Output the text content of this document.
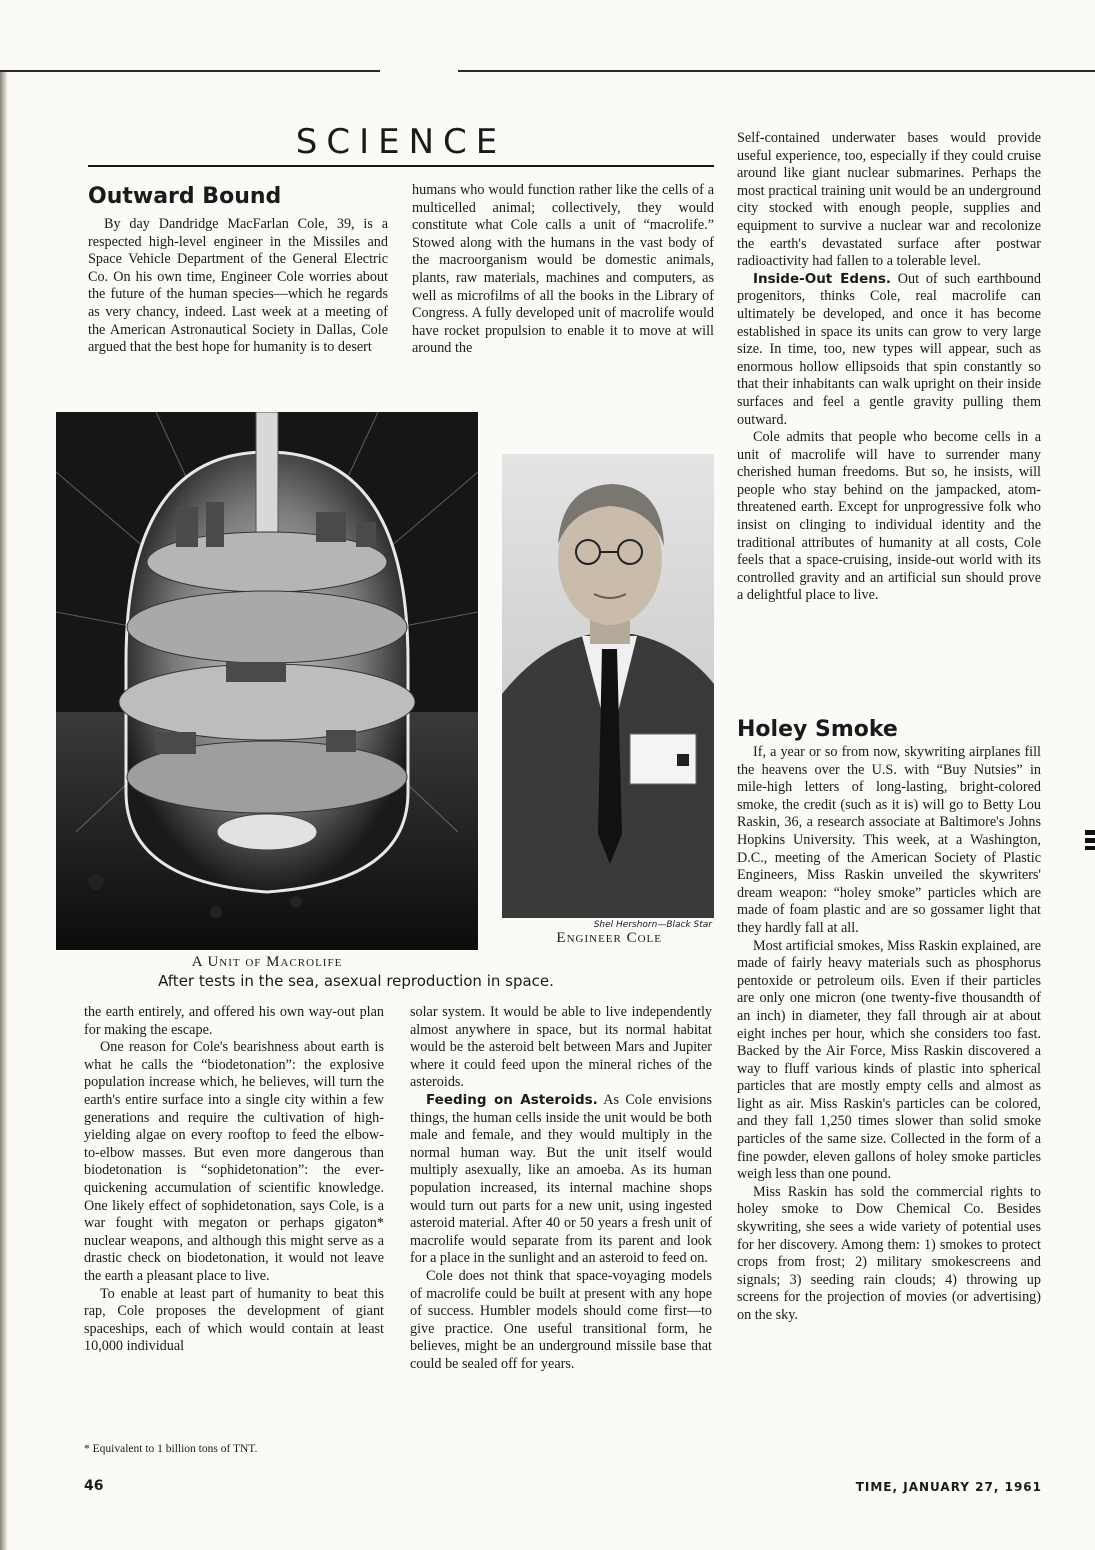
SCIENCE
Outward Bound

By day Dandridge MacFarlan Cole, 39, is a respected high-level engineer in the Missiles and Space Vehicle Department of the General Electric Co. On his own time, Engineer Cole worries about the future of the human species—which he regards as very chancy, indeed. Last week at a meeting of the American Astronautical Society in Dallas, Cole argued that the best hope for humanity is to desert

humans who would function rather like the cells of a multicelled animal; collectively, they would constitute what Cole calls a unit of “macrolife.” Stowed along with the humans in the vast body of the macroorganism would be domestic animals, plants, raw materials, machines and computers, as well as microfilms of all the books in the Library of Congress. A fully developed unit of macrolife would have rocket propulsion to enable it to move at will around the

Shel Hershorn—Black Star
Engineer Cole
A Unit of Macrolife
After tests in the sea, asexual reproduction in space.

the earth entirely, and offered his own way-out plan for making the escape.

One reason for Cole's bearishness about earth is what he calls the “biodetonation”: the explosive population increase which, he believes, will turn the earth's entire surface into a single city within a few generations and require the cultivation of high-yielding algae on every rooftop to feed the elbow-to-elbow masses. But even more dangerous than biodetonation is “sophidetonation”: the ever-quickening accumulation of scientific knowledge. One likely effect of sophidetonation, says Cole, is a war fought with megaton or perhaps gigaton* nuclear weapons, and although this might serve as a drastic check on biodetonation, it would not leave the earth a pleasant place to live.

To enable at least part of humanity to beat this rap, Cole proposes the development of giant spaceships, each of which would contain at least 10,000 individual

* Equivalent to 1 billion tons of TNT.

solar system. It would be able to live independently almost anywhere in space, but its normal habitat would be the asteroid belt between Mars and Jupiter where it could feed upon the mineral riches of the asteroids.

Feeding on Asteroids. As Cole envisions things, the human cells inside the unit would be both male and female, and they would multiply in the normal human way. But the unit itself would multiply asexually, like an amoeba. As its human population increased, its internal machine shops would turn out parts for a new unit, using ingested asteroid material. After 40 or 50 years a fresh unit of macrolife would separate from its parent and look for a place in the sunlight and an asteroid to feed on.

Cole does not think that space-voyaging models of macrolife could be built at present with any hope of success. Humbler models should come first—to give practice. One useful transitional form, he believes, might be an underground missile base that could be sealed off for years.

Self-contained underwater bases would provide useful experience, too, especially if they could cruise around like giant nuclear submarines. Perhaps the most practical training unit would be an underground city stocked with enough people, supplies and equipment to survive a nuclear war and recolonize the earth's devastated surface after postwar radioactivity had fallen to a tolerable level.

Inside-Out Edens. Out of such earthbound progenitors, thinks Cole, real macrolife can ultimately be developed, and once it has become established in space its units can grow to very large size. In time, too, new types will appear, such as enormous hollow ellipsoids that spin constantly so that their inhabitants can walk upright on their inside surfaces and feel a gentle gravity pulling them outward.

Cole admits that people who become cells in a unit of macrolife will have to surrender many cherished human freedoms. But so, he insists, will people who stay behind on the jampacked, atom-threatened earth. Except for unprogressive folk who insist on clinging to individual identity and the traditional attributes of humanity at all costs, Cole feels that a space-cruising, inside-out world with its controlled gravity and an artificial sun should prove a delightful place to live.

Holey Smoke

If, a year or so from now, skywriting airplanes fill the heavens over the U.S. with “Buy Nutsies” in mile-high letters of long-lasting, bright-colored smoke, the credit (such as it is) will go to Betty Lou Raskin, 36, a research associate at Baltimore's Johns Hopkins University. This week, at a Washington, D.C., meeting of the American Society of Plastic Engineers, Miss Raskin unveiled the skywriters' dream weapon: “holey smoke” particles which are made of foam plastic and are so gossamer light that they hardly fall at all.

Most artificial smokes, Miss Raskin explained, are made of fairly heavy materials such as phosphorus pentoxide or petroleum oils. Even if their particles are only one micron (one twenty-five thousandth of an inch) in diameter, they fall through air at about eight inches per hour, which she considers too fast. Backed by the Air Force, Miss Raskin discovered a way to fluff various kinds of plastic into spherical particles that are mostly empty cells and almost as light as air. Miss Raskin's particles can be colored, and they fall 1,250 times slower than solid smoke particles of the same size. Collected in the form of a fine powder, eleven gallons of holey smoke particles weigh less than one pound.

Miss Raskin has sold the commercial rights to holey smoke to Dow Chemical Co. Besides skywriting, she sees a wide variety of potential uses for her discovery. Among them: 1) smokes to protect crops from frost; 2) military smokescreens and signals; 3) seeding rain clouds; 4) throwing up screens for the projection of movies (or advertising) on the sky.

46	TIME, JANUARY 27, 1961
